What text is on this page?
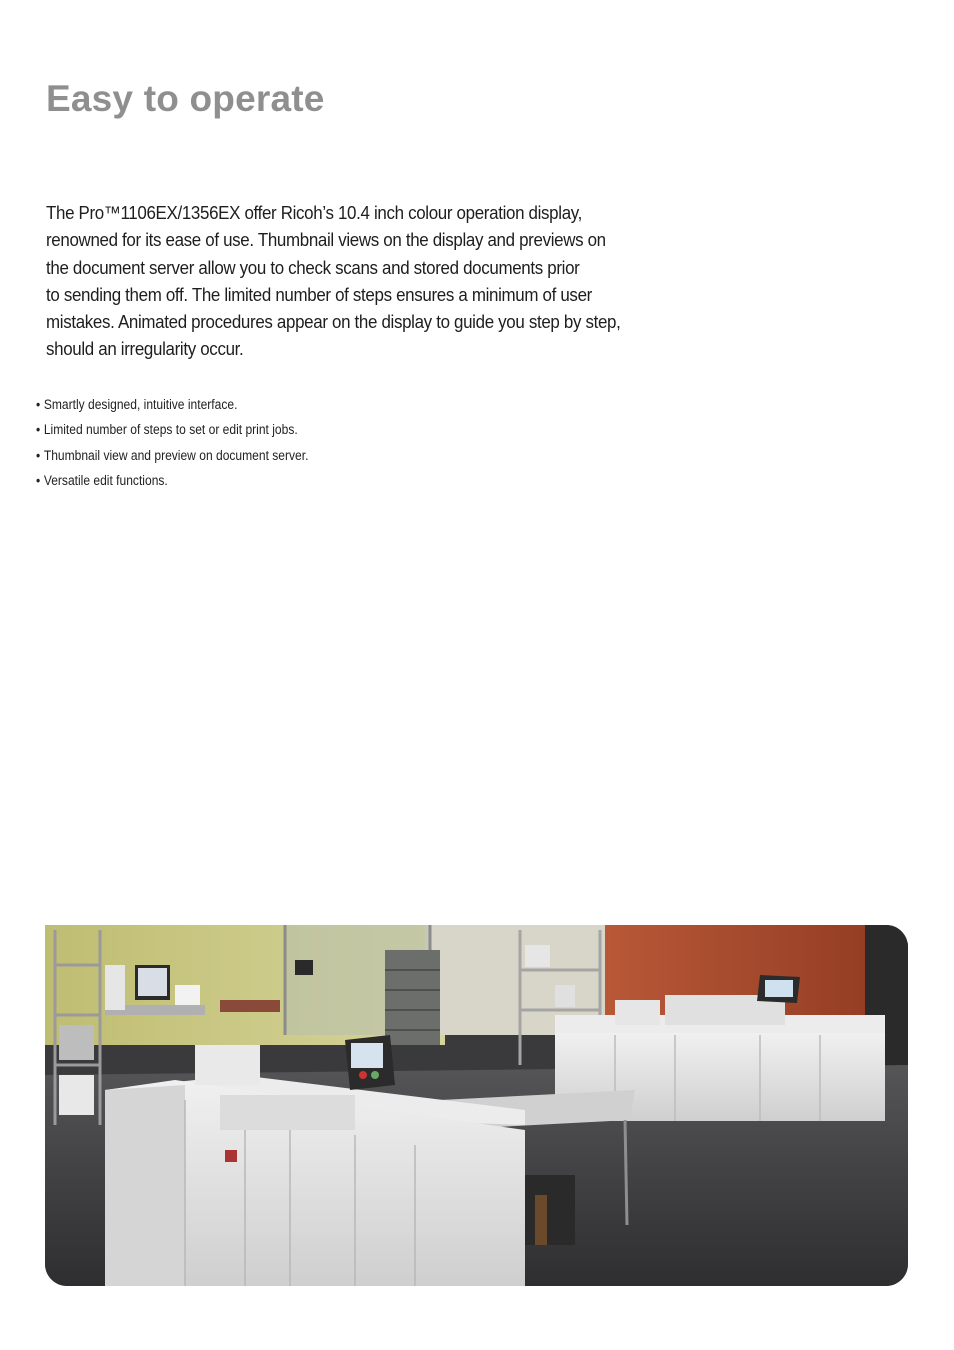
Easy to operate

The Pro™1106EX/1356EX offer Ricoh’s 10.4 inch colour operation display,
renowned for its ease of use. Thumbnail views on the display and previews on
the document server allow you to check scans and stored documents prior
to sending them off. The limited number of steps ensures a minimum of user
mistakes. Animated procedures appear on the display to guide you step by step,
should an irregularity occur.

• Smartly designed, intuitive interface.
• Limited number of steps to set or edit print jobs.
• Thumbnail view and preview on document server.
• Versatile edit functions.
